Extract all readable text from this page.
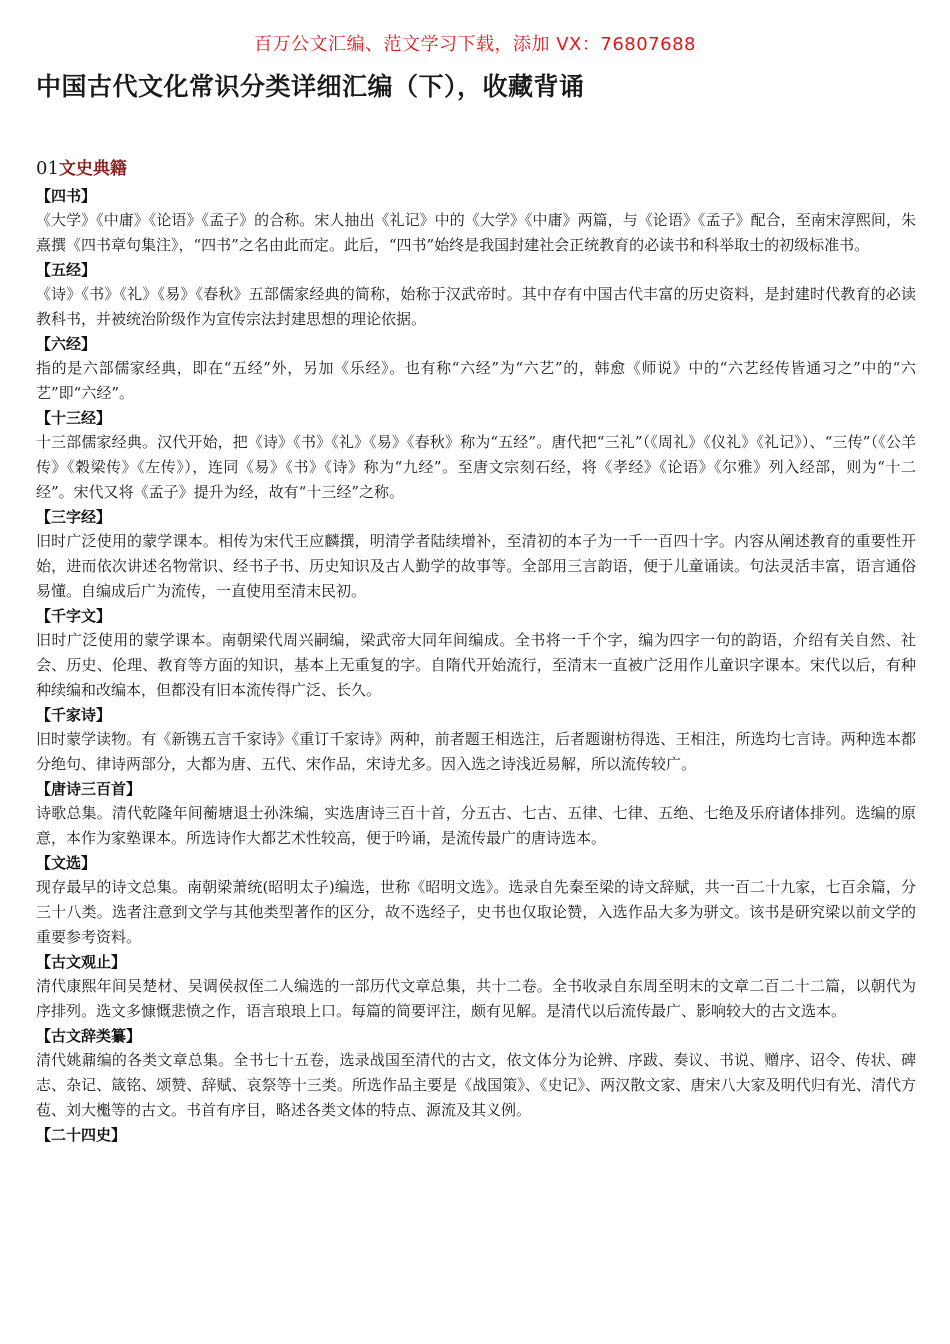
百万公文汇编、范文学习下载，添加 VX：76807688
中国古代文化常识分类详细汇编（下），收藏背诵
01文史典籍

【四书】

《大学》《中庸》《论语》《孟子》的合称。宋人抽出《礼记》中的《大学》《中庸》两篇，与《论语》《孟子》配合，至南宋淳熙间，朱熹撰《四书章句集注》，“四书”之名由此而定。此后，“四书”始终是我国封建社会正统教育的必读书和科举取士的初级标准书。

【五经】

《诗》《书》《礼》《易》《春秋》五部儒家经典的简称，始称于汉武帝时。其中存有中国古代丰富的历史资料，是封建时代教育的必读教科书，并被统治阶级作为宣传宗法封建思想的理论依据。

【六经】

指的是六部儒家经典，即在“五经”外，另加《乐经》。也有称“六经”为“六艺”的，韩愈《师说》中的“六艺经传皆通习之”中的“六艺”即“六经”。

【十三经】

十三部儒家经典。汉代开始，把《诗》《书》《礼》《易》《春秋》称为“五经”。唐代把“三礼”（《周礼》《仪礼》《礼记》）、“三传”（《公羊传》《穀梁传》《左传》），连同《易》《书》《诗》称为“九经”。至唐文宗刻石经，将《孝经》《论语》《尔雅》列入经部，则为“十二经”。宋代又将《孟子》提升为经，故有“十三经”之称。

【三字经】

旧时广泛使用的蒙学课本。相传为宋代王应麟撰，明清学者陆续增补，至清初的本子为一千一百四十字。内容从阐述教育的重要性开始，进而依次讲述名物常识、经书子书、历史知识及古人勤学的故事等。全部用三言韵语，便于儿童诵读。句法灵活丰富，语言通俗易懂。自编成后广为流传，一直使用至清末民初。

【千字文】

旧时广泛使用的蒙学课本。南朝梁代周兴嗣编，梁武帝大同年间编成。全书将一千个字，编为四字一句的韵语，介绍有关自然、社会、历史、伦理、教育等方面的知识，基本上无重复的字。自隋代开始流行，至清末一直被广泛用作儿童识字课本。宋代以后，有种种续编和改编本，但都没有旧本流传得广泛、长久。

【千家诗】

旧时蒙学读物。有《新镌五言千家诗》《重订千家诗》两种，前者题王相选注，后者题谢枋得选、王相注，所选均七言诗。两种选本都分绝句、律诗两部分，大都为唐、五代、宋作品，宋诗尤多。因入选之诗浅近易解，所以流传较广。

【唐诗三百首】

诗歌总集。清代乾隆年间蘅塘退士孙洙编，实选唐诗三百十首，分五古、七古、五律、七律、五绝、七绝及乐府诸体排列。选编的原意，本作为家塾课本。所选诗作大都艺术性较高，便于吟诵，是流传最广的唐诗选本。

【文选】

现存最早的诗文总集。南朝梁萧统(昭明太子)编选，世称《昭明文选》。选录自先秦至梁的诗文辞赋，共一百二十九家，七百余篇，分三十八类。选者注意到文学与其他类型著作的区分，故不选经子，史书也仅取论赞，入选作品大多为骈文。该书是研究梁以前文学的重要参考资料。

【古文观止】

清代康熙年间吴楚材、吴调侯叔侄二人编选的一部历代文章总集，共十二卷。全书收录自东周至明末的文章二百二十二篇，以朝代为序排列。选文多慷慨悲愤之作，语言琅琅上口。每篇的简要评注，颇有见解。是清代以后流传最广、影响较大的古文选本。

【古文辞类纂】

清代姚鼐编的各类文章总集。全书七十五卷，选录战国至清代的古文，依文体分为论辨、序跋、奏议、书说、赠序、诏令、传状、碑志、杂记、箴铭、颂赞、辞赋、哀祭等十三类。所选作品主要是《战国策》、《史记》、两汉散文家、唐宋八大家及明代归有光、清代方苞、刘大櫆等的古文。书首有序目，略述各类文体的特点、源流及其义例。

【二十四史】
